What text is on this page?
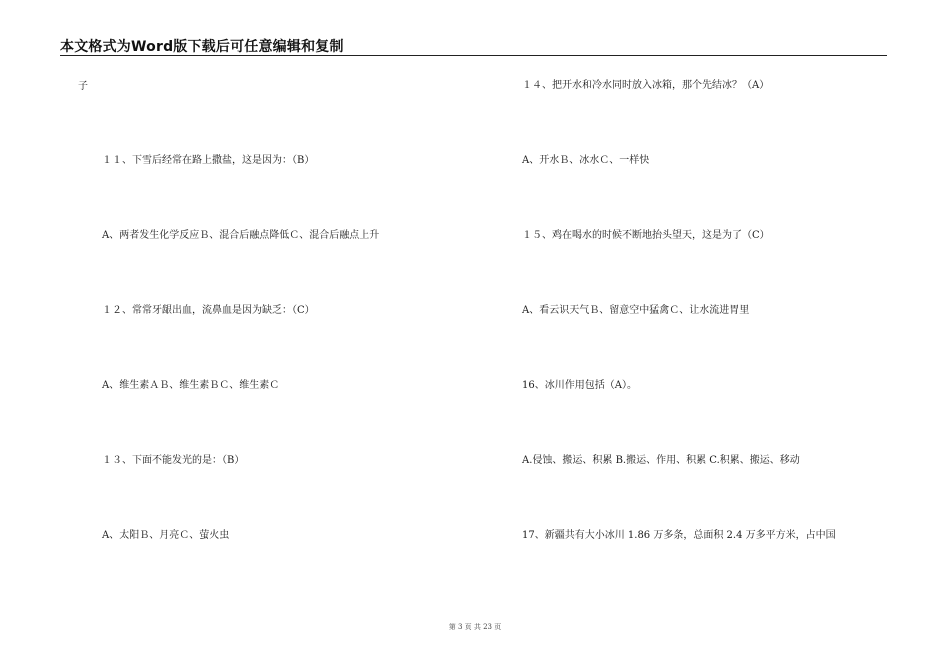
本文格式为Word版下载后可任意编辑和复制
子
１１、下雪后经常在路上撒盐，这是因为：（B）
A、两者发生化学反应Ｂ、混合后融点降低Ｃ、混合后融点上升
１２、常常牙龈出血，流鼻血是因为缺乏：（C）
A、维生素ＡＢ、维生素ＢＣ、维生素Ｃ
１３、下面不能发光的是：（B）
A、太阳Ｂ、月亮Ｃ、萤火虫
１４、把开水和冷水同时放入冰箱，那个先结冰？（A）
A、开水Ｂ、冰水Ｃ、一样快
１５、鸡在喝水的时候不断地抬头望天，这是为了（C）
A、看云识天气Ｂ、留意空中猛禽Ｃ、让水流进胃里
16、冰川作用包括（A）。
A.侵蚀、搬运、积累 B.搬运、作用、积累 C.积累、搬运、移动
17、新疆共有大小冰川 1.86 万多条，总面积 2.4 万多平方米，占中国
第 3 页 共 23 页
